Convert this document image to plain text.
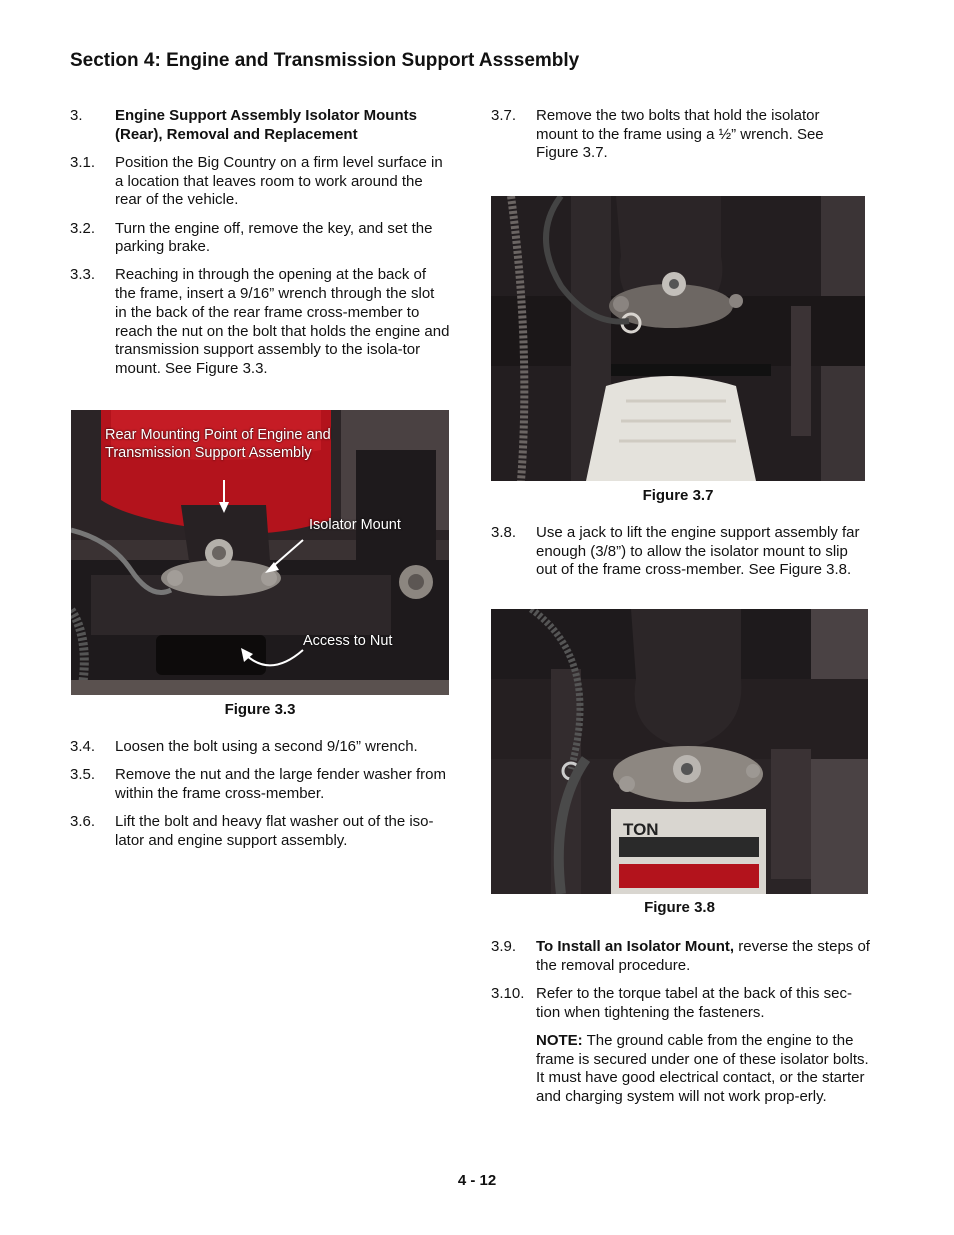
Section 4: Engine and Transmission Support Asssembly
3. Engine Support Assembly Isolator Mounts (Rear), Removal and Replacement
3.1. Position the Big Country on a firm level surface in a location that leaves room to work around the rear of the vehicle.
3.2. Turn the engine off, remove the key, and set the parking brake.
3.3. Reaching in through the opening at the back of the frame, insert a 9/16” wrench through the slot in the back of the rear frame cross-member to reach the nut on the bolt that holds the engine and transmission support assembly to the isola-tor mount. See Figure 3.3.
Rear Mounting Point of Engine and Transmission Support Assembly
Isolator Mount
Access to Nut
Figure 3.3
3.4. Loosen the bolt using a second 9/16” wrench.
3.5. Remove the nut and the large fender washer from within the frame cross-member.
3.6. Lift the bolt and heavy flat washer out of the iso-lator and engine support assembly.
3.7. Remove the two bolts that hold the isolator mount to the frame using a ½” wrench. See Figure 3.7.
Figure 3.7
3.8. Use a jack to lift the engine support assembly far enough (3/8”) to allow the isolator mount to slip out of the frame cross-member. See Figure 3.8.
TON
Figure 3.8
3.9. To Install an Isolator Mount, reverse the steps of the removal procedure.
3.10. Refer to the torque tabel at the back of this sec-tion when tightening the fasteners.
NOTE: The ground cable from the engine to the frame is secured under one of these isolator bolts. It must have good electrical contact, or the starter and charging system will not work prop-erly.
4 - 12
